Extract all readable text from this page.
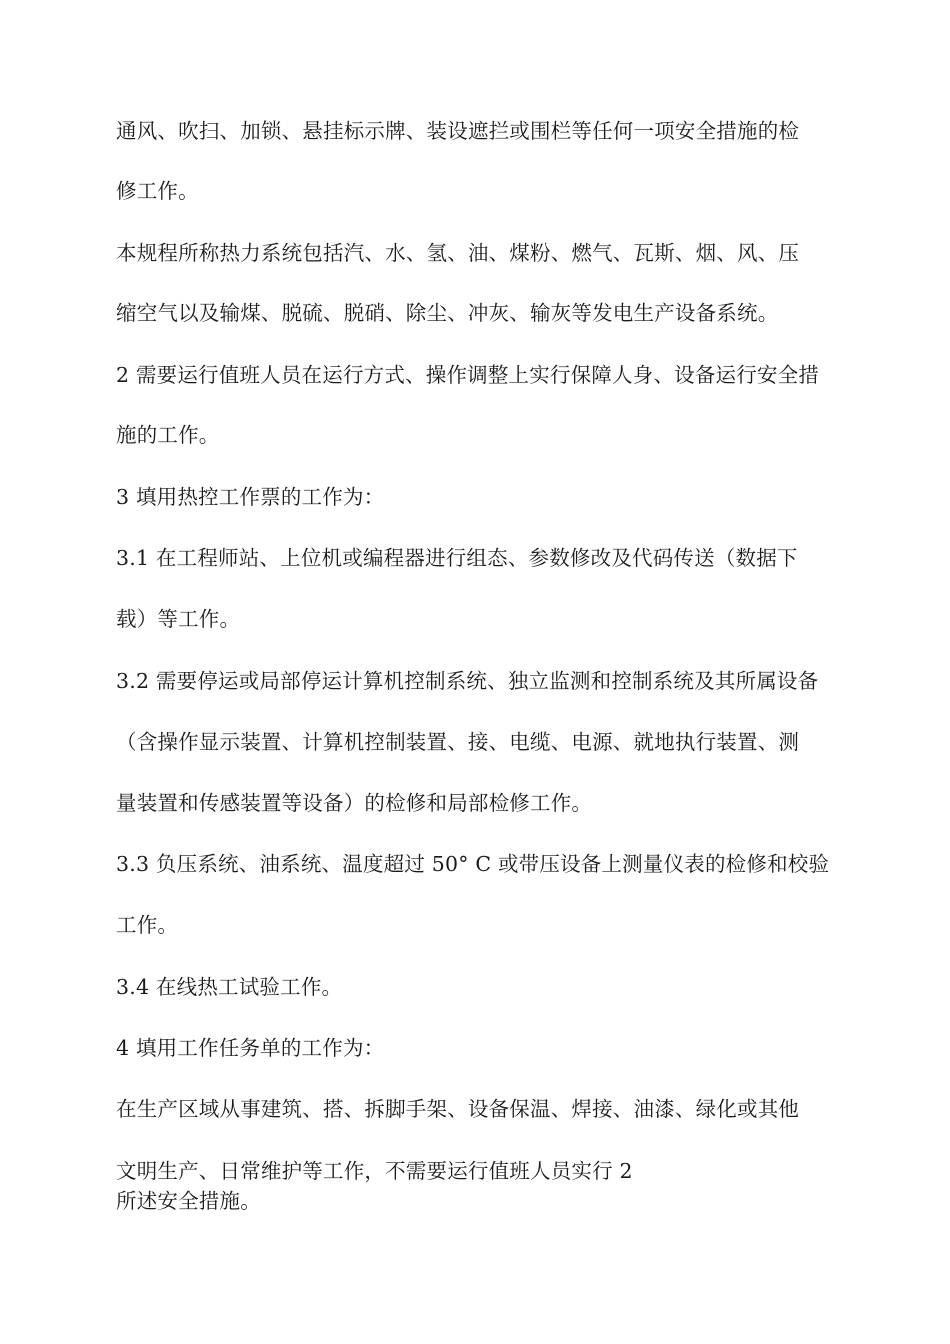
通风、吹扫、加锁、悬挂标示牌、装设遮拦或围栏等任何一项安全措施的检
修工作。
本规程所称热力系统包括汽、水、氢、油、煤粉、燃气、瓦斯、烟、风、压
缩空气以及输煤、脱硫、脱硝、除尘、冲灰、输灰等发电生产设备系统。
2 需要运行值班人员在运行方式、操作调整上实行保障人身、设备运行安全措
施的工作。
3 填用热控工作票的工作为：
3.1 在工程师站、上位机或编程器进行组态、参数修改及代码传送（数据下
载）等工作。
3.2 需要停运或局部停运计算机控制系统、独立监测和控制系统及其所属设备
（含操作显示装置、计算机控制装置、接、电缆、电源、就地执行装置、测
量装置和传感装置等设备）的检修和局部检修工作。
3.3 负压系统、油系统、温度超过 50° C 或带压设备上测量仪表的检修和校验
工作。
3.4 在线热工试验工作。
4 填用工作任务单的工作为：
在生产区域从事建筑、搭、拆脚手架、设备保温、焊接、油漆、绿化或其他
文明生产、日常维护等工作，不需要运行值班人员实行 2
所述安全措施。
